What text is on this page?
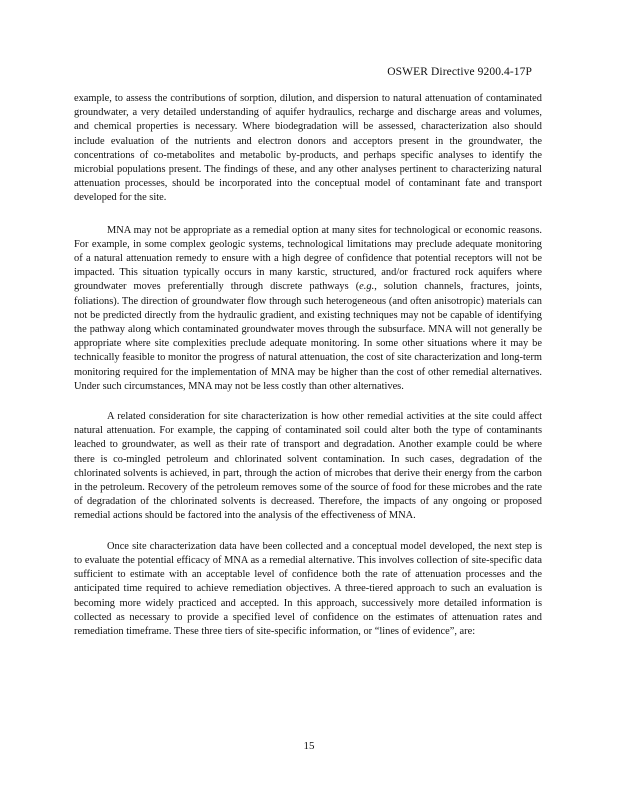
OSWER Directive 9200.4-17P

example, to assess the contributions of sorption, dilution, and dispersion to natural attenuation of contaminated groundwater, a very detailed understanding of aquifer hydraulics, recharge and discharge areas and volumes, and chemical properties is necessary. Where biodegradation will be assessed, characterization also should include evaluation of the nutrients and electron donors and acceptors present in the groundwater, the concentrations of co-metabolites and metabolic by-products, and perhaps specific analyses to identify the microbial populations present. The findings of these, and any other analyses pertinent to characterizing natural attenuation processes, should be incorporated into the conceptual model of contaminant fate and transport developed for the site.

MNA may not be appropriate as a remedial option at many sites for technological or economic reasons. For example, in some complex geologic systems, technological limitations may preclude adequate monitoring of a natural attenuation remedy to ensure with a high degree of confidence that potential receptors will not be impacted. This situation typically occurs in many karstic, structured, and/or fractured rock aquifers where groundwater moves preferentially through discrete pathways (e.g., solution channels, fractures, joints, foliations). The direction of groundwater flow through such heterogeneous (and often anisotropic) materials can not be predicted directly from the hydraulic gradient, and existing techniques may not be capable of identifying the pathway along which contaminated groundwater moves through the subsurface. MNA will not generally be appropriate where site complexities preclude adequate monitoring. In some other situations where it may be technically feasible to monitor the progress of natural attenuation, the cost of site characterization and long-term monitoring required for the implementation of MNA may be higher than the cost of other remedial alternatives. Under such circumstances, MNA may not be less costly than other alternatives.

A related consideration for site characterization is how other remedial activities at the site could affect natural attenuation. For example, the capping of contaminated soil could alter both the type of contaminants leached to groundwater, as well as their rate of transport and degradation. Another example could be where there is co-mingled petroleum and chlorinated solvent contamination. In such cases, degradation of the chlorinated solvents is achieved, in part, through the action of microbes that derive their energy from the carbon in the petroleum. Recovery of the petroleum removes some of the source of food for these microbes and the rate of degradation of the chlorinated solvents is decreased. Therefore, the impacts of any ongoing or proposed remedial actions should be factored into the analysis of the effectiveness of MNA.

Once site characterization data have been collected and a conceptual model developed, the next step is to evaluate the potential efficacy of MNA as a remedial alternative. This involves collection of site-specific data sufficient to estimate with an acceptable level of confidence both the rate of attenuation processes and the anticipated time required to achieve remediation objectives. A three-tiered approach to such an evaluation is becoming more widely practiced and accepted. In this approach, successively more detailed information is collected as necessary to provide a specified level of confidence on the estimates of attenuation rates and remediation timeframe. These three tiers of site-specific information, or “lines of evidence”, are:

15
